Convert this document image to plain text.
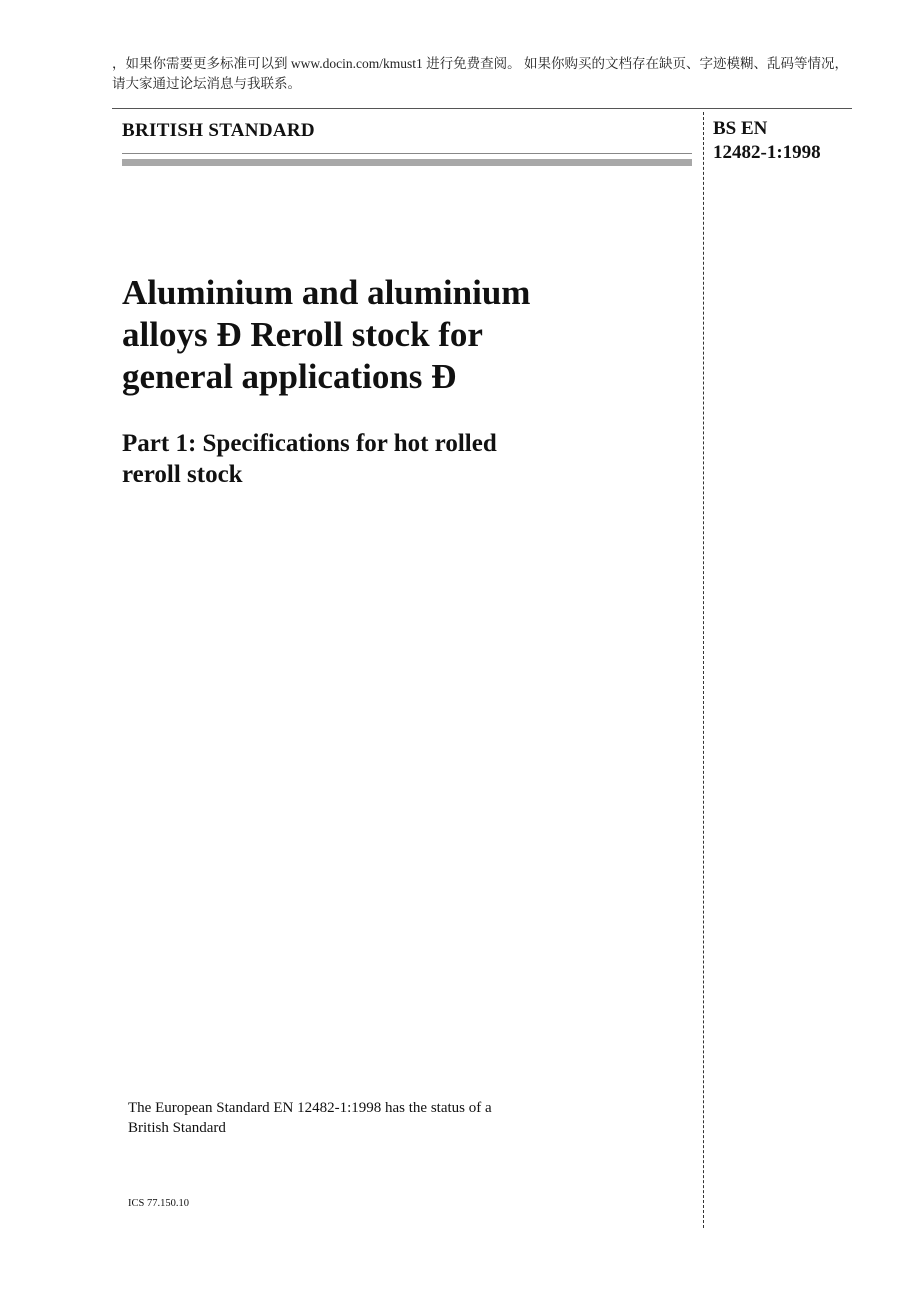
，如果你需要更多标准可以到 www.docin.com/kmust1 进行免费查阅。 如果你购买的文档存在缺页、字迹模糊、乱码等情况，请大家通过论坛消息与我联系。
BRITISH STANDARD	BS EN
12482-1:1998
Aluminium and aluminium
alloys Ð Reroll stock for
general applications Ð
Part 1: Specifications for hot rolled
reroll stock
The European Standard EN 12482-1:1998 has the status of a
British Standard
ICS 77.150.10
